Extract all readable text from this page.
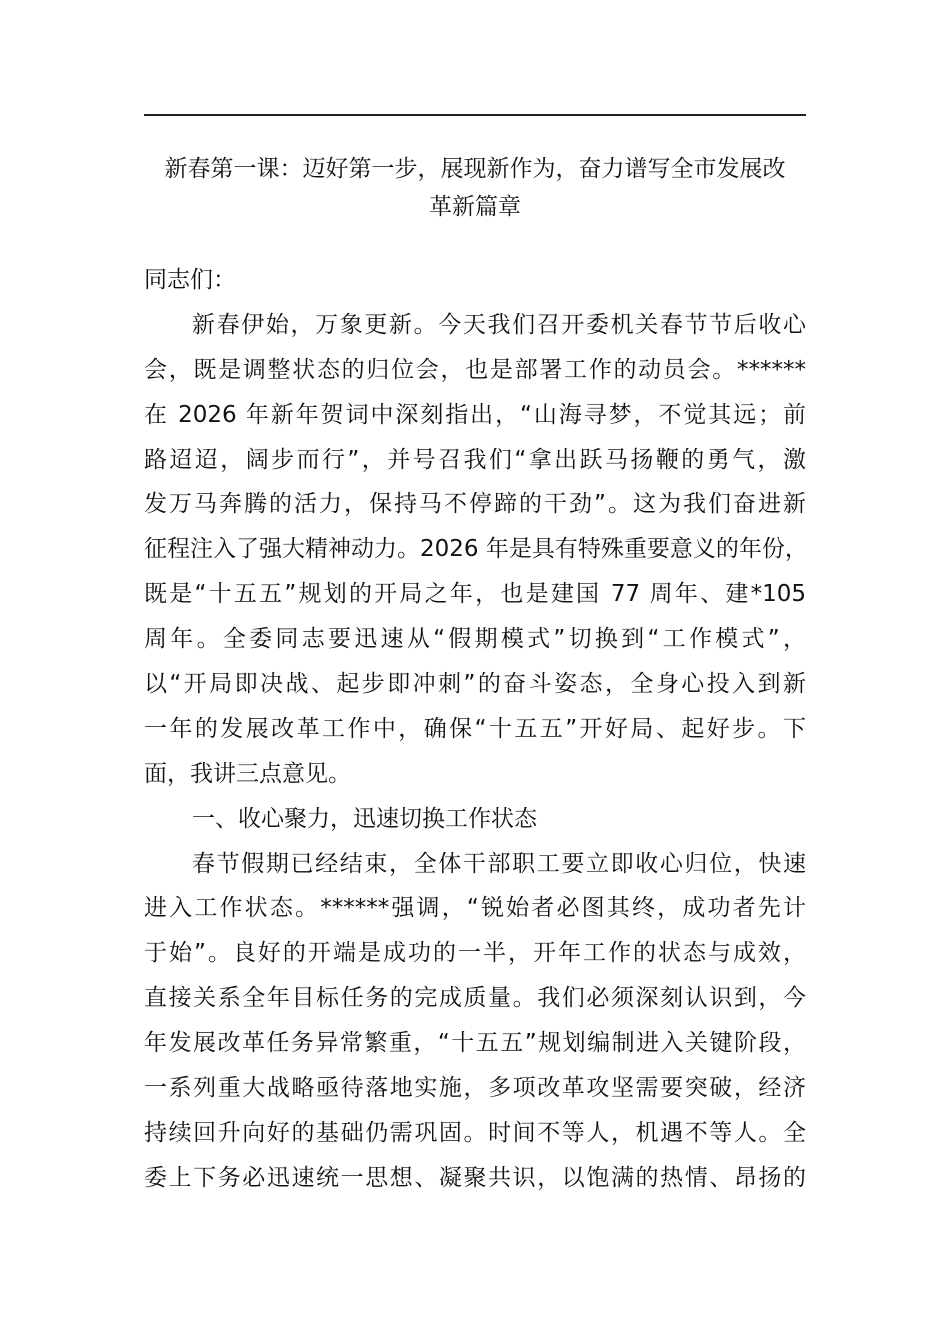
新春第一课：迈好第一步，展现新作为，奋力谱写全市发展改
革新篇章
同志们：
新春伊始，万象更新。今天我们召开委机关春节节后收心
会，既是调整状态的归位会，也是部署工作的动员会。******
在 2026 年新年贺词中深刻指出，“山海寻梦，不觉其远；前
路迢迢，阔步而行”，并号召我们“拿出跃马扬鞭的勇气，激
发万马奔腾的活力，保持马不停蹄的干劲”。这为我们奋进新
征程注入了强大精神动力。2026 年是具有特殊重要意义的年份，
既是“十五五”规划的开局之年，也是建国 77 周年、建*105
周年。全委同志要迅速从“假期模式”切换到“工作模式”，
以“开局即决战、起步即冲刺”的奋斗姿态，全身心投入到新
一年的发展改革工作中，确保“十五五”开好局、起好步。下
面，我讲三点意见。
一、收心聚力，迅速切换工作状态
春节假期已经结束，全体干部职工要立即收心归位，快速
进入工作状态。******强调，“锐始者必图其终，成功者先计
于始”。良好的开端是成功的一半，开年工作的状态与成效，
直接关系全年目标任务的完成质量。我们必须深刻认识到，今
年发展改革任务异常繁重，“十五五”规划编制进入关键阶段，
一系列重大战略亟待落地实施，多项改革攻坚需要突破，经济
持续回升向好的基础仍需巩固。时间不等人，机遇不等人。全
委上下务必迅速统一思想、凝聚共识，以饱满的热情、昂扬的
